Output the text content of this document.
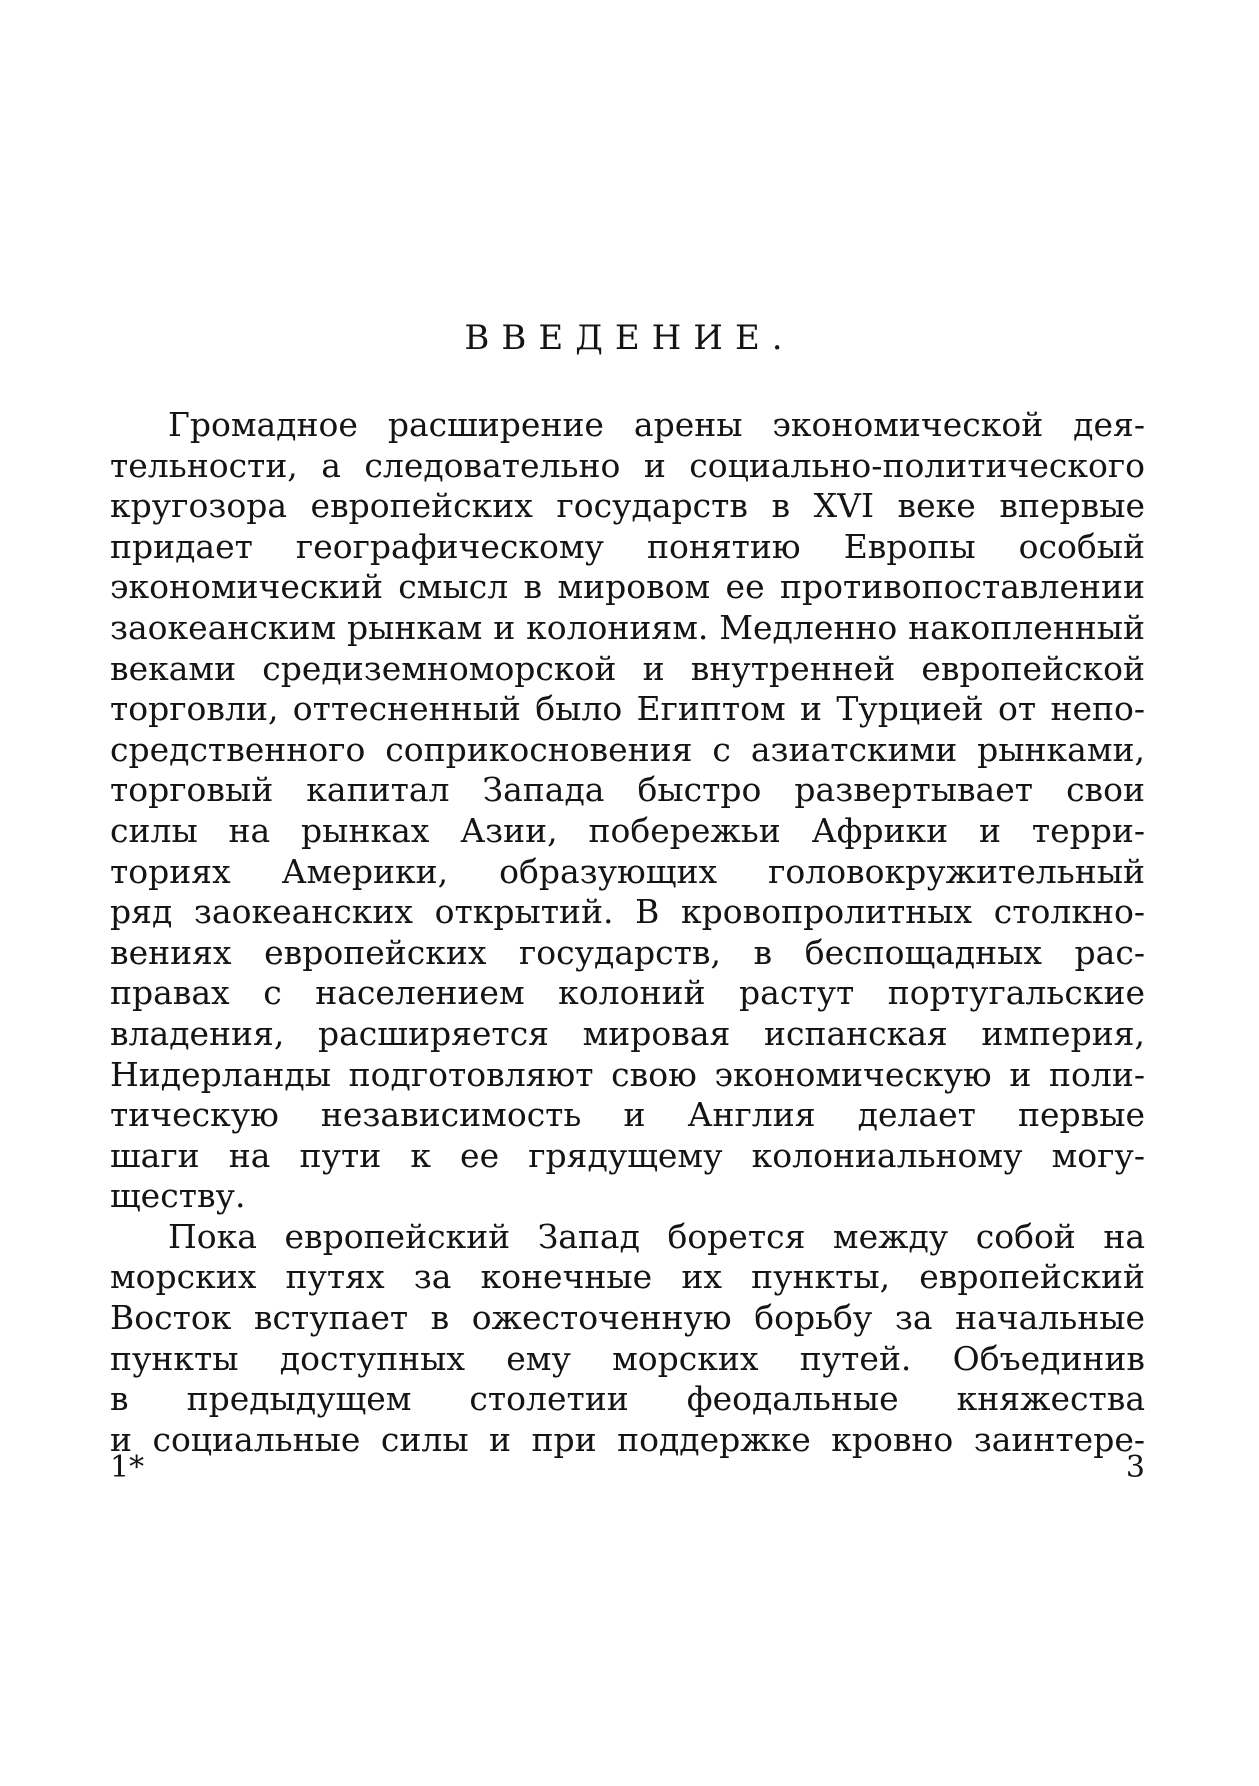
ВВЕДЕНИЕ.
Громадное расширение арены экономической дея-
тельности, а следовательно и социально-политического
кругозора европейских государств в XVI веке впервые
придает географическому понятию Европы особый
экономический смысл в мировом ее противопоставлении
заокеанским рынкам и колониям. Медленно накопленный
веками средиземноморской и внутренней европейской
торговли, оттесненный было Египтом и Турцией от непо-
средственного соприкосновения с азиатскими рынками,
торговый капитал Запада быстро развертывает свои
силы на рынках Азии, побережьи Африки и терри-
ториях Америки, образующих головокружительный
ряд заокеанских открытий. В кровопролитных столкно-
вениях европейских государств, в беспощадных рас-
правах с населением колоний растут португальские
владения, расширяется мировая испанская империя,
Нидерланды подготовляют свою экономическую и поли-
тическую независимость и Англия делает первые
шаги на пути к ее грядущему колониальному могу-
ществу.
Пока европейский Запад борется между собой на
морских путях за конечные их пункты, европейский
Восток вступает в ожесточенную борьбу за начальные
пункты доступных ему морских путей. Объединив
в предыдущем столетии феодальные княжества
и социальные силы и при поддержке кровно заинтере-
1*	3
